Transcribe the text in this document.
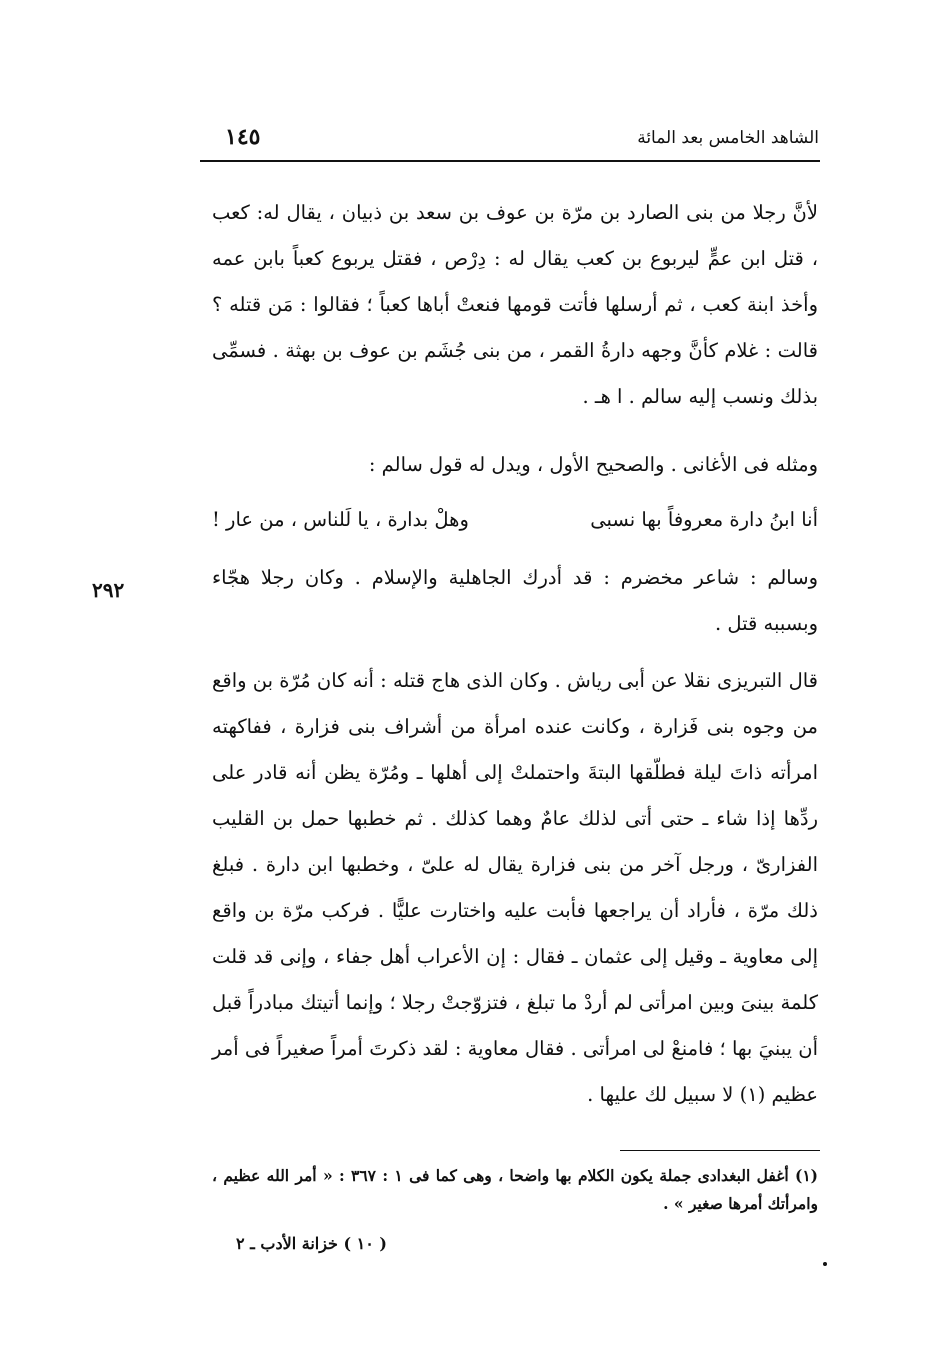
الشاهد الخامس بعد المائة
١٤٥

لأنَّ رجلا من بنى الصارد بن مرّة بن عوف بن سعد بن ذبيان ، يقال له: كعب ، قتل ابن عمٍّ ليربوع بن كعب يقال له : دِرْص ، فقتل يربوع كعباً بابن عمه وأخذ ابنة كعب ، ثم أرسلها فأتت قومها فنعتْ أباها كعباً ؛ فقالوا : مَن قتله ؟ قالت : غلام كأنَّ وجهه دارةُ القمر ، من بنى جُشَم بن عوف بن بهثة . فسمِّى بذلك ونسب إليه سالم . ا هـ .

ومثله فى الأغانى . والصحيح الأول ، ويدل له قول سالم :

أنا ابنُ دارة معروفاً بها نسبى
وهلْ بدارة ، يا لَلناس ، من عار !

وسالم : شاعر مخضرم : قد أدرك الجاهلية والإسلام . وكان رجلا هجّاء وبسببه قتل .

٢٩٢

قال التبريزى نقلا عن أبى رياش . وكان الذى هاج قتله : أنه كان مُرّة بن واقع من وجوه بنى فَزارة ، وكانت عنده امرأة من أشراف بنى فزارة ، ففاكهته امرأته ذاتَ ليلة فطلّقها البتةَ واحتملتْ إلى أهلها ـ ومُرّة يظن أنه قادر على ردِّها إذا شاء ـ حتى أتى لذلك عامٌ وهما كذلك . ثم خطبها حمل بن القليب الفزارىّ ، ورجل آخر من بنى فزارة يقال له علىّ ، وخطبها ابن دارة . فبلغ ذلك مرّة ، فأراد أن يراجعها فأبت عليه واختارت عليًّا . فركب مرّة بن واقع إلى معاوية ـ وقيل إلى عثمان ـ فقال : إن الأعراب أهل جفاء ، وإنى قد قلت كلمة بينىَ وبين امرأتى لم أردْ ما تبلغ ، فتزوّجتْ رجلا ؛ وإنما أتيتك مبادراً قبل أن يبنيَ بها ؛ فامنعْ لى امرأتى . فقال معاوية : لقد ذكرتَ أمراً صغيراً فى أمر عظيم (١) لا سبيل لك عليها .

(١) أغفل البغدادى جملة يكون الكلام بها واضحا ، وهى كما فى ١ : ٣٦٧ : « أمر الله عظيم ، وامرأتك أمرها صغير » .

( ١٠ ) خزانة الأدب ـ ٢
